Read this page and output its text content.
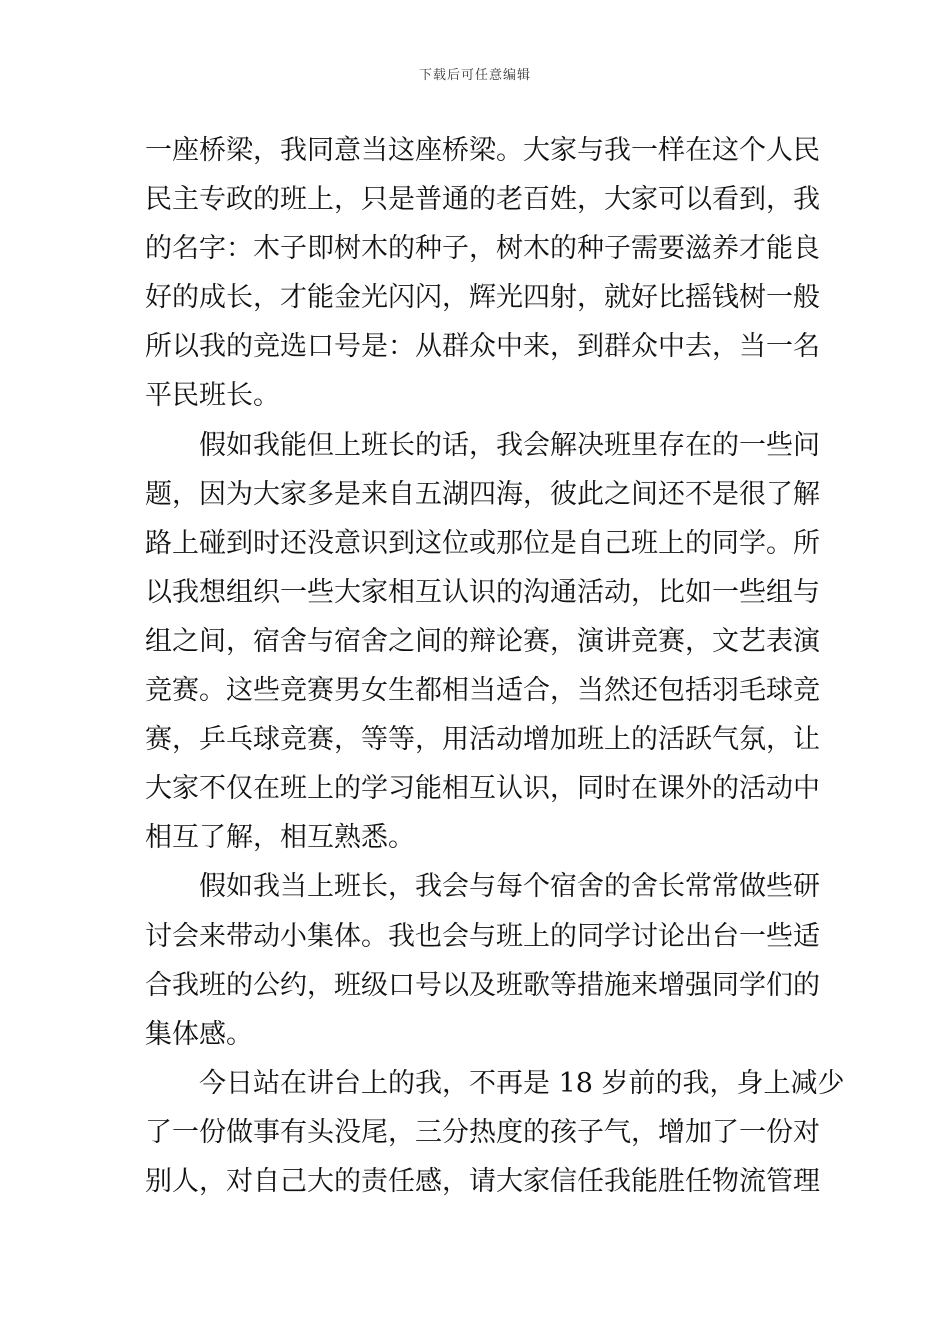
下载后可任意编辑
一座桥梁，我同意当这座桥梁。大家与我一样在这个人民
民主专政的班上，只是普通的老百姓，大家可以看到，我
的名字：木子即树木的种子，树木的种子需要滋养才能良
好的成长，才能金光闪闪，辉光四射，就好比摇钱树一般
所以我的竞选口号是：从群众中来，到群众中去，当一名
平民班长。
假如我能但上班长的话，我会解决班里存在的一些问
题，因为大家多是来自五湖四海，彼此之间还不是很了解
路上碰到时还没意识到这位或那位是自己班上的同学。所
以我想组织一些大家相互认识的沟通活动，比如一些组与
组之间，宿舍与宿舍之间的辩论赛，演讲竞赛，文艺表演
竞赛。这些竞赛男女生都相当适合，当然还包括羽毛球竞
赛，乒乓球竞赛，等等，用活动增加班上的活跃气氛，让
大家不仅在班上的学习能相互认识，同时在课外的活动中
相互了解，相互熟悉。
假如我当上班长，我会与每个宿舍的舍长常常做些研
讨会来带动小集体。我也会与班上的同学讨论出台一些适
合我班的公约，班级口号以及班歌等措施来增强同学们的
集体感。
今日站在讲台上的我，不再是 18 岁前的我，身上减少
了一份做事有头没尾，三分热度的孩子气，增加了一份对
别人，对自己大的责任感，请大家信任我能胜任物流管理
